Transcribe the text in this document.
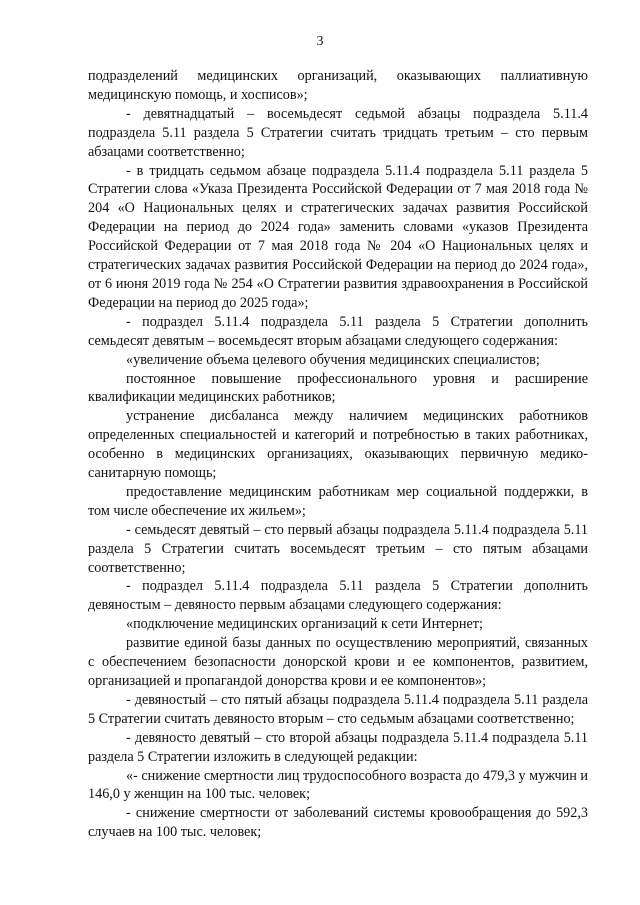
3

подразделений медицинских организаций, оказывающих паллиативную медицинскую помощь, и хосписов»;

- девятнадцатый – восемьдесят седьмой абзацы подраздела 5.11.4 подраздела 5.11 раздела 5 Стратегии считать тридцать третьим – сто первым абзацами соответственно;

- в тридцать седьмом абзаце подраздела 5.11.4 подраздела 5.11 раздела 5 Стратегии слова «Указа Президента Российской Федерации от 7 мая 2018 года № 204 «О Национальных целях и стратегических задачах развития Российской Федерации на период до 2024 года» заменить словами «указов Президента Российской Федерации от 7 мая 2018 года № 204 «О Национальных целях и стратегических задачах развития Российской Федерации на период до 2024 года», от 6 июня 2019 года № 254 «О Стратегии развития здравоохранения в Российской Федерации на период до 2025 года»;

- подраздел 5.11.4 подраздела 5.11 раздела 5 Стратегии дополнить семьдесят девятым – восемьдесят вторым абзацами следующего содержания:

«увеличение объема целевого обучения медицинских специалистов;

постоянное повышение профессионального уровня и расширение квалификации медицинских работников;

устранение дисбаланса между наличием медицинских работников определенных специальностей и категорий и потребностью в таких работниках, особенно в медицинских организациях, оказывающих первичную медико-санитарную помощь;

предоставление медицинским работникам мер социальной поддержки, в том числе обеспечение их жильем»;

- семьдесят девятый – сто первый абзацы подраздела 5.11.4 подраздела 5.11 раздела 5 Стратегии считать восемьдесят третьим – сто пятым абзацами соответственно;

- подраздел 5.11.4 подраздела 5.11 раздела 5 Стратегии дополнить девяностым – девяносто первым абзацами следующего содержания:

«подключение медицинских организаций к сети Интернет;

развитие единой базы данных по осуществлению мероприятий, связанных с обеспечением безопасности донорской крови и ее компонентов, развитием, организацией и пропагандой донорства крови и ее компонентов»;

- девяностый – сто пятый абзацы подраздела 5.11.4 подраздела 5.11 раздела 5 Стратегии считать девяносто вторым – сто седьмым абзацами соответственно;

- девяносто девятый – сто второй абзацы подраздела 5.11.4 подраздела 5.11 раздела 5 Стратегии изложить в следующей редакции:

«- снижение смертности лиц трудоспособного возраста до 479,3 у мужчин и 146,0 у женщин на 100 тыс. человек;

- снижение смертности от заболеваний системы кровообращения до 592,3 случаев на 100 тыс. человек;
